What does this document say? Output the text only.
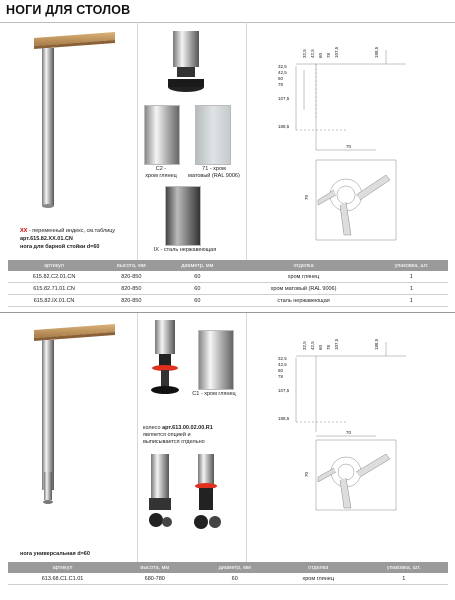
НОГИ ДЛЯ СТОЛОВ
XX - переменный индекс, см.таблицу
арт.615.82.XX.01.CN
нога для барной стойки d=60
C2 -
хром глянец
71 - хром
матовый (RAL 9006)
IX - сталь нержавеющая
32,5 42,5 60 78 107,5	188,5
32,5
42,5
60
78
107,5
188,5
70
70
артикул	высота, мм	диаметр, мм	отделка	упаковка, шт.
615.82.C2.01.CN	820-850	60	хром глянец	1
615.82.71.01.CN	820-850	60	хром матовый (RAL 9006)	1
615.82.IX.01.CN	820-850	60	сталь нержавеющая	1
C1 - хром глянец
колесо арт.613.00.02.00.R1
является опцией и
выписывается отдельно
32,5 42,5 60 78 107,5	188,5
32,5
42,5
60
78
107,5
188,5
70
70
нога универсальная d=60
артикул	высота, мм	диаметр, мм	отделка	упаковка, шт.
613.68.C1.C1.01	680-780	60	хром глянец	1
